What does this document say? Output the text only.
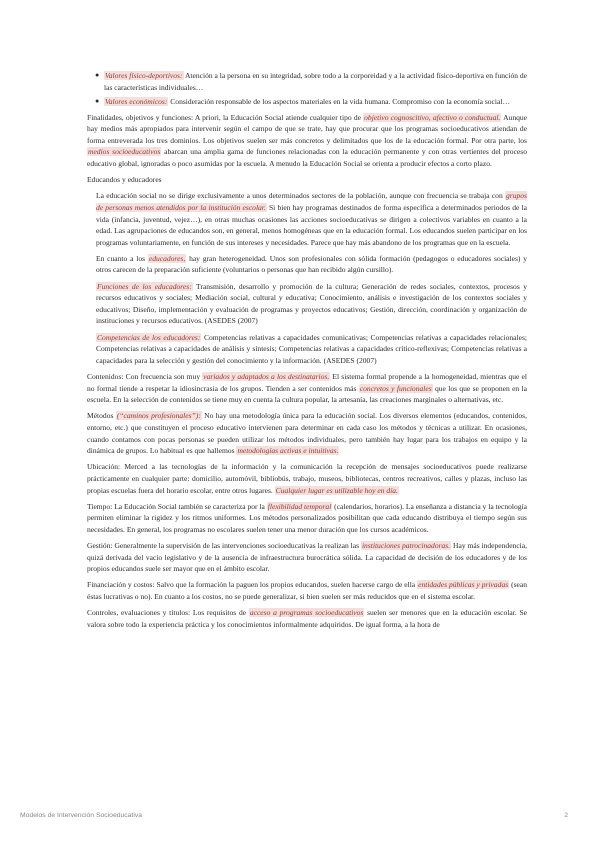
● Valores físico-deportivos: Atención a la persona en su integridad, sobre todo a la corporeidad y a la actividad físico-deportiva en función de las características individuales…
● Valores económicos: Consideración responsable de los aspectos materiales en la vida humana. Compromiso con la economía social…

Finalidades, objetivos y funciones: A priori, la Educación Social atiende cualquier tipo de objetivo cognoscitivo, afectivo o conductual. Aunque hay medios más apropiados para intervenir según el campo de que se trate, hay que procurar que los programas socioeducativos atiendan de forma entreverada los tres dominios. Los objetivos suelen ser más concretos y delimitados que los de la educación formal. Por otra parte, los medios socioeducativos abarcan una amplia gama de funciones relacionadas con la educación permanente y con otras vertientes del proceso educativo global, ignoradas o poco asumidas por la escuela. A menudo la Educación Social se orienta a producir efectos a corto plazo.

Educandos y educadores

La educación social no se dirige exclusivamente a unos determinados sectores de la población, aunque con frecuencia se trabaja con grupos de personas menos atendidos por la institución escolar. Si bien hay programas destinados de forma específica a determinados periodos de la vida (infancia, juventud, vejez…), en otras muchas ocasiones las acciones socioeducativas se dirigen a colectivos variables en cuanto a la edad. Las agrupaciones de educandos son, en general, menos homogéneas que en la educación formal. Los educandos suelen participar en los programas voluntariamente, en función de sus intereses y necesidades. Parece que hay más abandono de los programas que en la escuela.

En cuanto a los educadores, hay gran heterogeneidad. Unos son profesionales con sólida formación (pedagogos o educadores sociales) y otros carecen de la preparación suficiente (voluntarios o personas que han recibido algún cursillo).

Funciones de los educadores: Transmisión, desarrollo y promoción de la cultura; Generación de redes sociales, contextos, procesos y recursos educativos y sociales; Mediación social, cultural y educativa; Conocimiento, análisis e investigación de los contextos sociales y educativos; Diseño, implementación y evaluación de programas y proyectos educativos; Gestión, dirección, coordinación y organización de instituciones y recursos educativos. (ASEDES (2007)

Competencias de los educadores: Competencias relativas a capacidades comunicativas; Competencias relativas a capacidades relacionales; Competencias relativas a capacidades de análisis y síntesis; Competencias relativas a capacidades crítico-reflexivas; Competencias relativas a capacidades para la selección y gestión del conocimiento y la información. (ASEDES (2007)

Contenidos: Con frecuencia son muy variados y adaptados a los destinatarios. El sistema formal propende a la homogeneidad, mientras que el no formal tiende a respetar la idiosincrasia de los grupos. Tienden a ser contenidos más concretos y funcionales que los que se proponen en la escuela. En la selección de contenidos se tiene muy en cuenta la cultura popular, la artesanía, las creaciones marginales o alternativas, etc.

Métodos (“caminos profesionales”): No hay una metodología única para la educación social. Los diversos elementos (educandos, contenidos, entorno, etc.) que constituyen el proceso educativo intervienen para determinar en cada caso los métodos y técnicas a utilizar. En ocasiones, cuando contamos con pocas personas se pueden utilizar los métodos individuales, pero también hay lugar para los trabajos en equipo y la dinámica de grupos. Lo habitual es que hallemos metodologías activas e intuitivas.

Ubicación: Merced a las tecnologías de la información y la comunicación la recepción de mensajes socioeducativos puede realizarse prácticamente en cualquier parte: domicilio, automóvil, bibliobús, trabajo, museos, bibliotecas, centros recreativos, calles y plazas, incluso las propias escuelas fuera del horario escolar, entre otros lugares. Cualquier lugar es utilizable hoy en día.

Tiempo: La Educación Social también se caracteriza por la flexibilidad temporal (calendarios, horarios). La enseñanza a distancia y la tecnología permiten eliminar la rigidez y los ritmos uniformes. Los métodos personalizados posibilitan que cada educando distribuya el tiempo según sus necesidades. En general, los programas no escolares suelen tener una menor duración que los cursos académicos.

Gestión: Generalmente la supervisión de las intervenciones socioeducativas la realizan las instituciones patrocinadoras. Hay más independencia, quizá derivada del vacío legislativo y de la ausencia de infraestructura burocrática sólida. La capacidad de decisión de los educadores y de los propios educandos suele ser mayor que en el ámbito escolar.

Financiación y costos: Salvo que la formación la paguen los propios educandos, suelen hacerse cargo de ella entidades públicas y privadas (sean éstas lucrativas o no). En cuanto a los costos, no se puede generalizar, si bien suelen ser más reducidos que en el sistema escolar.

Controles, evaluaciones y títulos: Los requisitos de acceso a programas socioeducativos suelen ser menores que en la educación escolar. Se valora sobre todo la experiencia práctica y los conocimientos informalmente adquiridos. De igual forma, a la hora de

Modelos de Intervención Socioeducativa	2
